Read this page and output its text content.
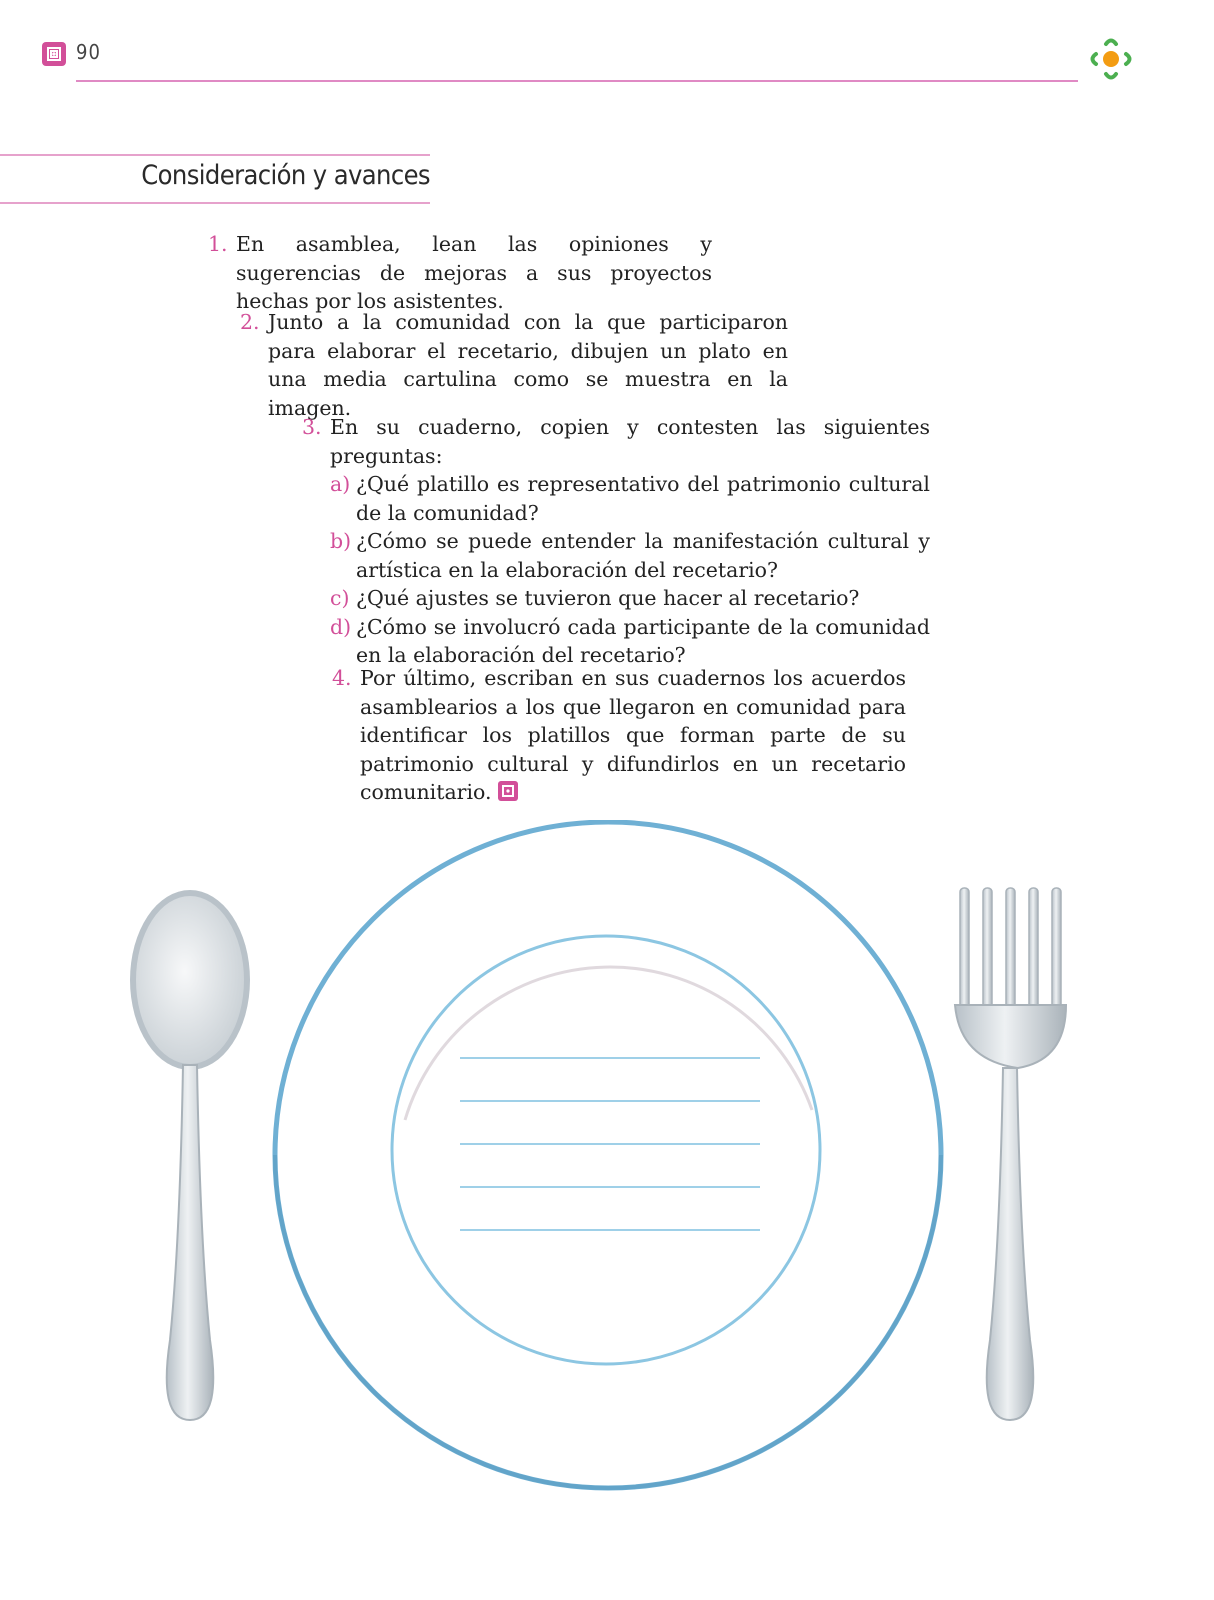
90
Consideración y avances
1. En asamblea, lean las opiniones y sugerencias de mejoras a sus proyectos hechas por los asistentes.
2. Junto a la comunidad con la que participaron para elaborar el recetario, dibujen un plato en una media cartulina como se muestra en la imagen.
3. En su cuaderno, copien y contesten las siguientes preguntas:
a) ¿Qué platillo es representativo del patrimonio cultural de la comunidad?
b) ¿Cómo se puede entender la manifestación cultural y artística en la elaboración del recetario?
c) ¿Qué ajustes se tuvieron que hacer al recetario?
d) ¿Cómo se involucró cada participante de la comunidad en la elaboración del recetario?
4. Por último, escriban en sus cuadernos los acuerdos asamblearios a los que llegaron en comunidad para identificar los platillos que forman parte de su patrimonio cultural y difundirlos en un recetario comunitario.
